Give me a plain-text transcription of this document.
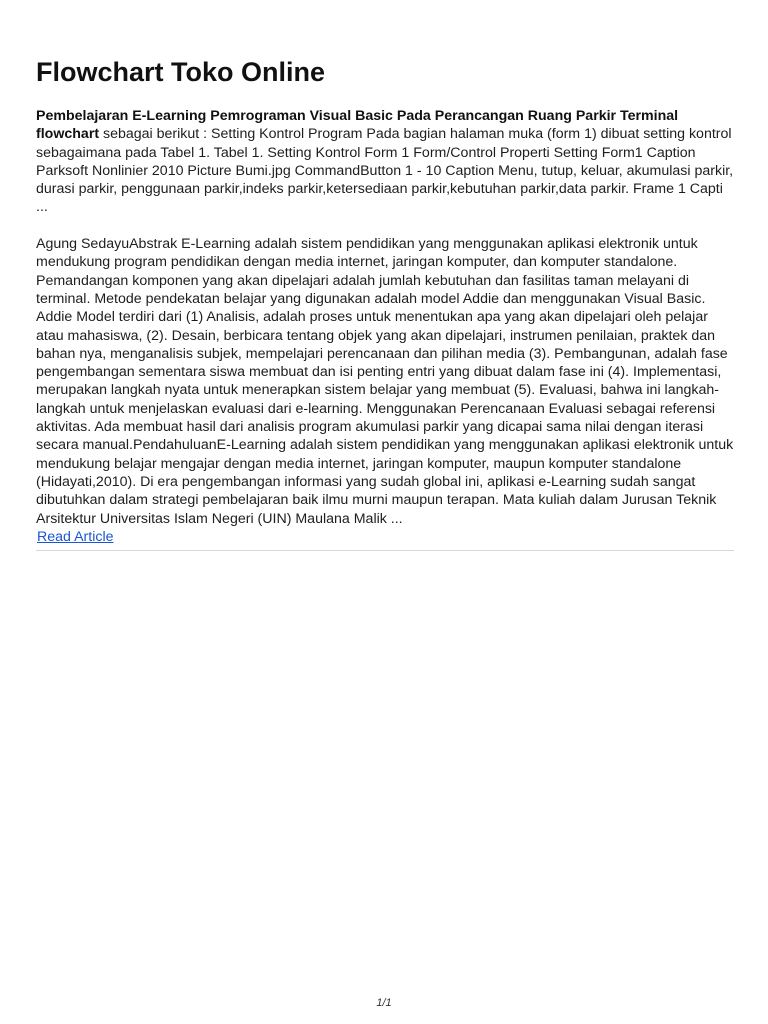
Flowchart Toko Online

Pembelajaran E-Learning Pemrograman Visual Basic Pada Perancangan Ruang Parkir Terminal
flowchart sebagai berikut : Setting Kontrol Program Pada bagian halaman muka (form 1) dibuat setting kontrol sebagaimana pada Tabel 1. Tabel 1. Setting Kontrol Form 1 Form/Control Properti Setting Form1 Caption Parksoft Nonlinier 2010 Picture Bumi.jpg CommandButton 1 - 10 Caption Menu, tutup, keluar, akumulasi parkir, durasi parkir, penggunaan parkir,indeks parkir,ketersediaan parkir,kebutuhan parkir,data parkir. Frame 1 Capti ...

Agung SedayuAbstrak E-Learning adalah sistem pendidikan yang menggunakan aplikasi elektronik untuk mendukung program pendidikan dengan media internet, jaringan komputer, dan komputer standalone. Pemandangan komponen yang akan dipelajari adalah jumlah kebutuhan dan fasilitas taman melayani di terminal. Metode pendekatan belajar yang digunakan adalah model Addie dan menggunakan Visual Basic. Addie Model terdiri dari (1) Analisis, adalah proses untuk menentukan apa yang akan dipelajari oleh pelajar atau mahasiswa, (2). Desain, berbicara tentang objek yang akan dipelajari, instrumen penilaian, praktek dan bahan nya, menganalisis subjek, mempelajari perencanaan dan pilihan media (3). Pembangunan, adalah fase pengembangan sementara siswa membuat dan isi penting entri yang dibuat dalam fase ini (4). Implementasi, merupakan langkah nyata untuk menerapkan sistem belajar yang membuat (5). Evaluasi, bahwa ini langkah-langkah untuk menjelaskan evaluasi dari e-learning. Menggunakan Perencanaan Evaluasi sebagai referensi aktivitas. Ada membuat hasil dari analisis program akumulasi parkir yang dicapai sama nilai dengan iterasi secara manual.PendahuluanE-Learning adalah sistem pendidikan yang menggunakan aplikasi elektronik untuk mendukung belajar mengajar dengan media internet, jaringan komputer, maupun komputer standalone (Hidayati,2010). Di era pengembangan informasi yang sudah global ini, aplikasi e-Learning sudah sangat dibutuhkan dalam strategi pembelajaran baik ilmu murni maupun terapan. Mata kuliah dalam Jurusan Teknik Arsitektur Universitas Islam Negeri (UIN) Maulana Malik ...

Read Article
1/1
